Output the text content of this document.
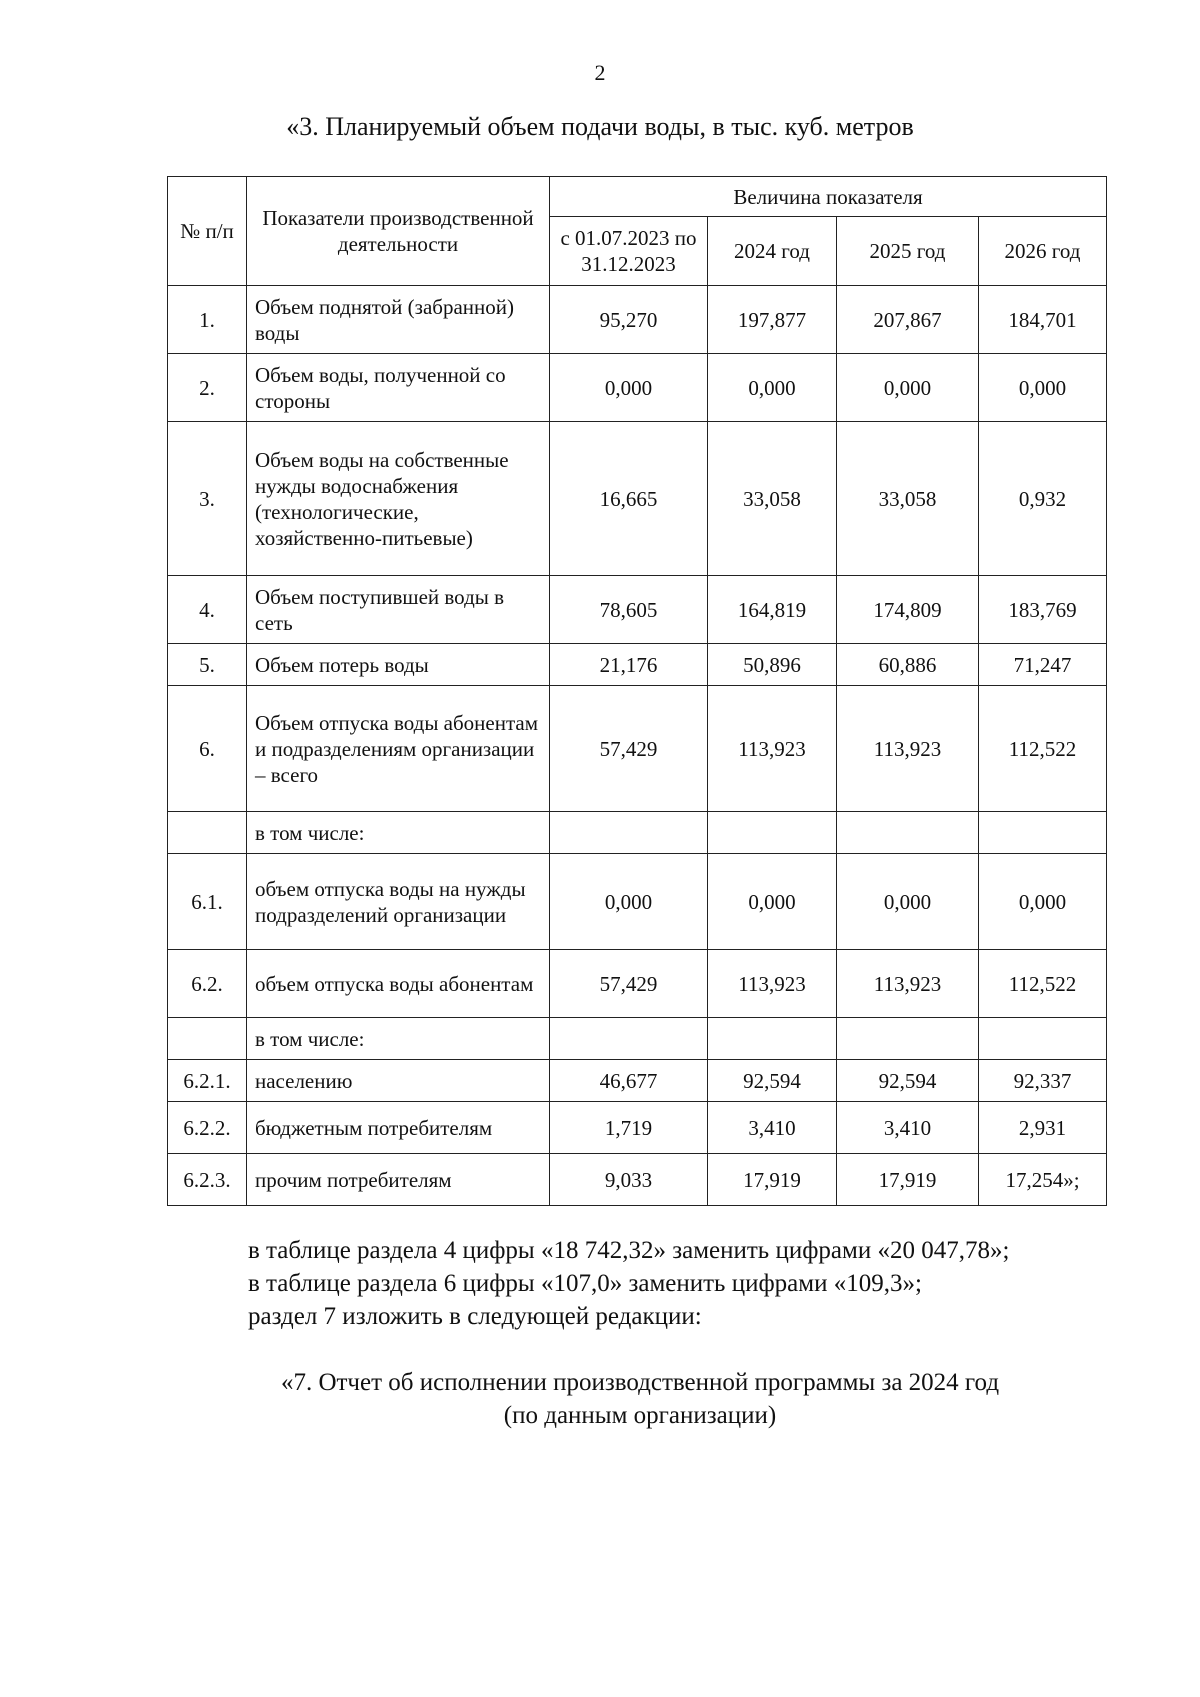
2
«3. Планируемый объем подачи воды, в тыс. куб. метров
№ п/п	Показатели производственной деятельности	Величина показателя			
		с 01.07.2023 по 31.12.2023	2024 год	2025 год	2026 год
1.	Объем поднятой (забранной) воды	95,270	197,877	207,867	184,701
2.	Объем воды, полученной со стороны	0,000	0,000	0,000	0,000
3.	Объем воды на собственные нужды водоснабжения (технологические, хозяйственно-питьевые)	16,665	33,058	33,058	0,932
4.	Объем поступившей воды в сеть	78,605	164,819	174,809	183,769
5.	Объем потерь воды	21,176	50,896	60,886	71,247
6.	Объем отпуска воды абонентам и подразделениям организации – всего	57,429	113,923	113,923	112,522
	в том числе:				
6.1.	объем отпуска воды на нужды подразделений организации	0,000	0,000	0,000	0,000
6.2.	объем отпуска воды абонентам	57,429	113,923	113,923	112,522
	в том числе:				
6.2.1.	населению	46,677	92,594	92,594	92,337
6.2.2.	бюджетным потребителям	1,719	3,410	3,410	2,931
6.2.3.	прочим потребителям	9,033	17,919	17,919	17,254»;

в таблице раздела 4 цифры «18 742,32» заменить цифрами «20 047,78»;

в таблице раздела 6 цифры «107,0» заменить цифрами «109,3»;

раздел 7 изложить в следующей редакции:

«7. Отчет об исполнении производственной программы за 2024 год
(по данным организации)
